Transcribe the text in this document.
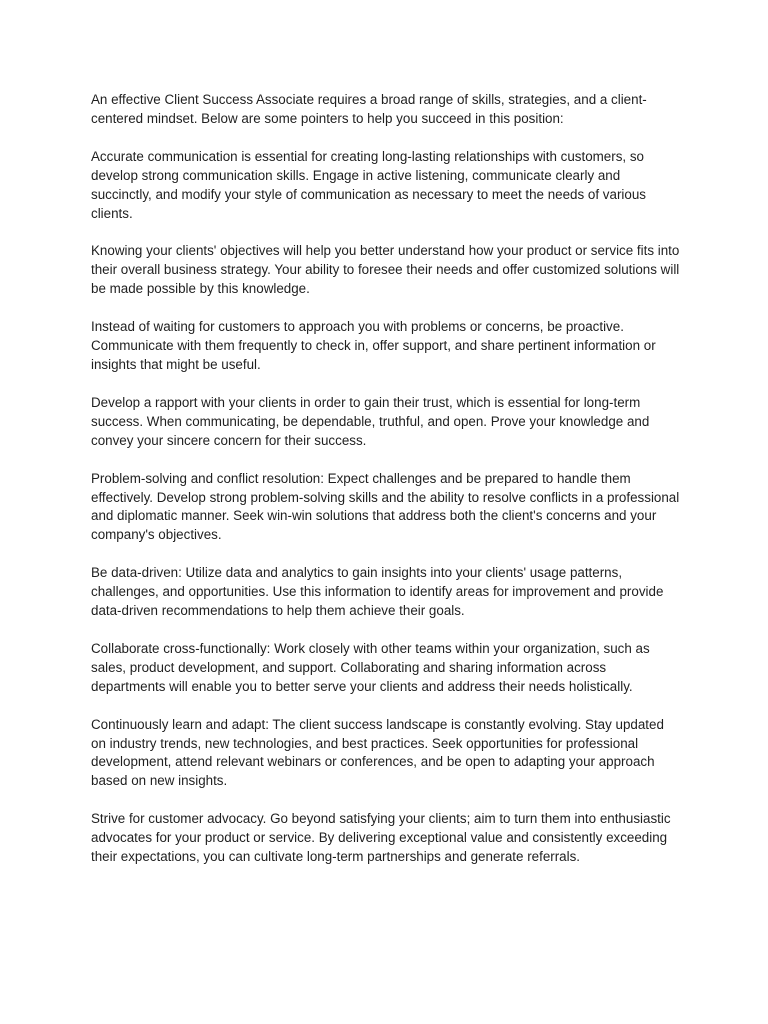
An effective Client Success Associate requires a broad range of skills, strategies, and a client-centered mindset. Below are some pointers to help you succeed in this position:

Accurate communication is essential for creating long-lasting relationships with customers, so develop strong communication skills. Engage in active listening, communicate clearly and succinctly, and modify your style of communication as necessary to meet the needs of various clients.

Knowing your clients' objectives will help you better understand how your product or service fits into their overall business strategy. Your ability to foresee their needs and offer customized solutions will be made possible by this knowledge.

Instead of waiting for customers to approach you with problems or concerns, be proactive. Communicate with them frequently to check in, offer support, and share pertinent information or insights that might be useful.

Develop a rapport with your clients in order to gain their trust, which is essential for long-term success. When communicating, be dependable, truthful, and open. Prove your knowledge and convey your sincere concern for their success.

Problem-solving and conflict resolution: Expect challenges and be prepared to handle them effectively. Develop strong problem-solving skills and the ability to resolve conflicts in a professional and diplomatic manner. Seek win-win solutions that address both the client's concerns and your company's objectives.

Be data-driven: Utilize data and analytics to gain insights into your clients' usage patterns, challenges, and opportunities. Use this information to identify areas for improvement and provide data-driven recommendations to help them achieve their goals.

Collaborate cross-functionally: Work closely with other teams within your organization, such as sales, product development, and support. Collaborating and sharing information across departments will enable you to better serve your clients and address their needs holistically.

Continuously learn and adapt: The client success landscape is constantly evolving. Stay updated on industry trends, new technologies, and best practices. Seek opportunities for professional development, attend relevant webinars or conferences, and be open to adapting your approach based on new insights.

Strive for customer advocacy. Go beyond satisfying your clients; aim to turn them into enthusiastic advocates for your product or service. By delivering exceptional value and consistently exceeding their expectations, you can cultivate long-term partnerships and generate referrals.
